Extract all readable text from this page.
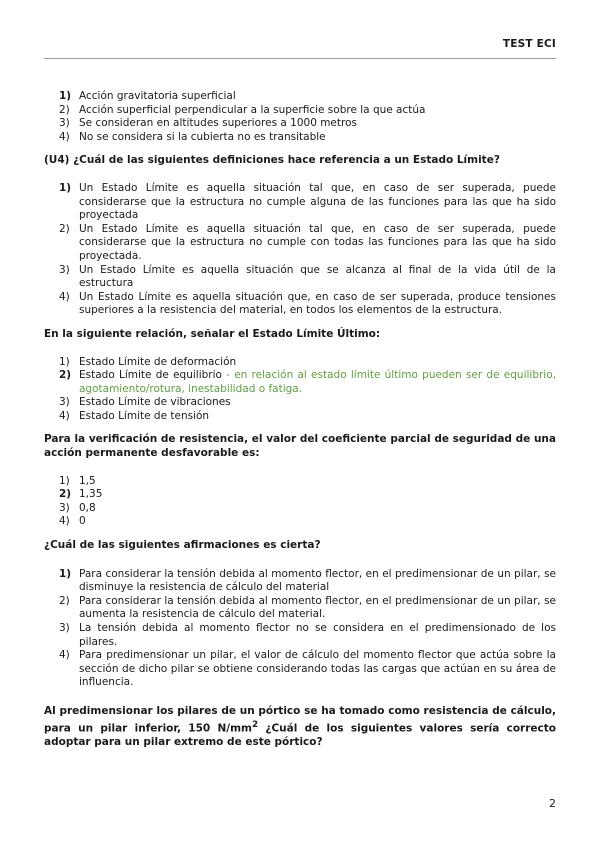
TEST ECI
1) Acción gravitatoria superficial
2) Acción superficial perpendicular a la superficie sobre la que actúa
3) Se consideran en altitudes superiores a 1000 metros
4) No se considera si la cubierta no es transitable
(U4) ¿Cuál de las siguientes definiciones hace referencia a un Estado Límite?
1) Un Estado Límite es aquella situación tal que, en caso de ser superada, puede considerarse que la estructura no cumple alguna de las funciones para las que ha sido proyectada
2) Un Estado Límite es aquella situación tal que, en caso de ser superada, puede considerarse que la estructura no cumple con todas las funciones para las que ha sido proyectada.
3) Un Estado Límite es aquella situación que se alcanza al final de la vida útil de la estructura
4) Un Estado Límite es aquella situación que, en caso de ser superada, produce tensiones superiores a la resistencia del material, en todos los elementos de la estructura.
En la siguiente relación, señalar el Estado Límite Último:
1) Estado Límite de deformación
2) Estado Límite de equilibrio - en relación al estado límite último pueden ser de equilibrio, agotamiento/rotura, inestabilidad o fatiga.
3) Estado Límite de vibraciones
4) Estado Límite de tensión
Para la verificación de resistencia, el valor del coeficiente parcial de seguridad de una acción permanente desfavorable es:
1) 1,5
2) 1,35
3) 0,8
4) 0
¿Cuál de las siguientes afirmaciones es cierta?
1) Para considerar la tensión debida al momento flector, en el predimensionar de un pilar, se disminuye la resistencia de cálculo del material
2) Para considerar la tensión debida al momento flector, en el predimensionar de un pilar, se aumenta la resistencia de cálculo del material.
3) La tensión debida al momento flector no se considera en el predimensionado de los pilares.
4) Para predimensionar un pilar, el valor de cálculo del momento flector que actúa sobre la sección de dicho pilar se obtiene considerando todas las cargas que actúan en su área de influencia.
Al predimensionar los pilares de un pórtico se ha tomado como resistencia de cálculo, para un pilar inferior, 150 $N/mm^2$ ¿Cuál de los siguientes valores sería correcto adoptar para un pilar extremo de este pórtico?
2
